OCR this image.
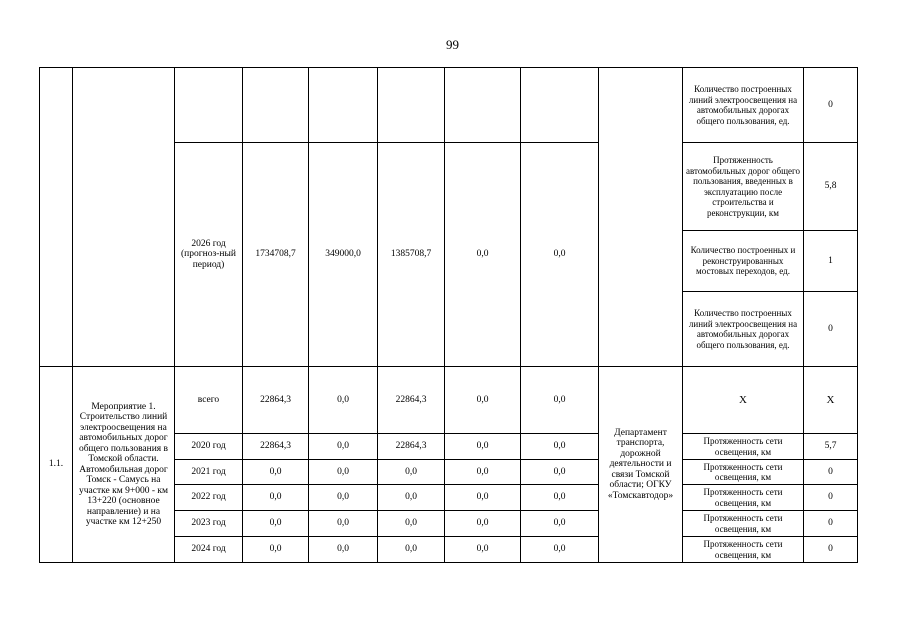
99

									Количество построенных линий электроосвещения на автомобильных дорогах общего пользования, ед.	0
		2026 год (прогноз-ный период)	1734708,7	349000,0	1385708,7	0,0	0,0		Протяженность автомобильных дорог общего пользования, введенных в эксплуатацию после строительства и реконструкции, км	5,8

									Количество построенных и реконструированных мостовых переходов, ед.	1

									Количество построенных линий электроосвещения на автомобильных дорогах общего пользования, ед.	0

1.1.	Мероприятие 1. Строительство линий электроосвещения на автомобильных дорог общего пользования в Томской области. Автомобильная дорог Томск - Самусь на участке км 9+000 - км 13+220 (основное направление) и на участке км 12+250	всего	22864,3	0,0	22864,3	0,0	0,0	Департамент транспорта, дорожной деятельности и связи Томской области; ОГКУ «Томскавтодор»	Х	Х
		2020 год	22864,3	0,0	22864,3	0,0	0,0		Протяженность сети освещения, км	5,7
		2021 год	0,0	0,0	0,0	0,0	0,0		Протяженность сети освещения, км	0
		2022 год	0,0	0,0	0,0	0,0	0,0		Протяженность сети освещения, км	0
		2023 год	0,0	0,0	0,0	0,0	0,0		Протяженность сети освещения, км	0
		2024 год	0,0	0,0	0,0	0,0	0,0		Протяженность сети освещения, км	0
